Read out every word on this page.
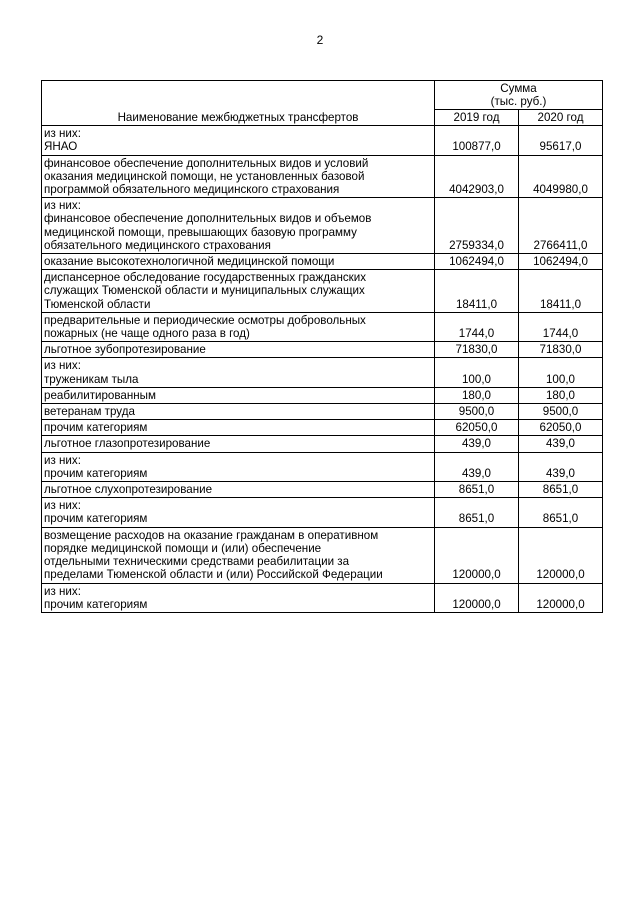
2
Наименование межбюджетных трансфертов	Сумма
(тыс. руб.)	

	2019 год	2020 год

из них:
ЯНАО	100877,0	95617,0

финансовое обеспечение дополнительных видов и условий
оказания медицинской помощи, не установленных базовой
программой обязательного медицинского страхования	4042903,0	4049980,0

из них:
финансовое обеспечение дополнительных видов и объемов
медицинской помощи, превышающих базовую программу
обязательного медицинского страхования	2759334,0	2766411,0

оказание высокотехнологичной медицинской помощи	1062494,0	1062494,0

диспансерное обследование государственных гражданских
служащих Тюменской области и муниципальных служащих
Тюменской области	18411,0	18411,0

предварительные и периодические осмотры добровольных
пожарных (не чаще одного раза в год)	1744,0	1744,0

льготное зубопротезирование	71830,0	71830,0

из них:
труженикам тыла	100,0	100,0

реабилитированным	180,0	180,0

ветеранам труда	9500,0	9500,0

прочим категориям	62050,0	62050,0

льготное глазопротезирование	439,0	439,0

из них:
прочим категориям	439,0	439,0

льготное слухопротезирование	8651,0	8651,0

из них:
прочим категориям	8651,0	8651,0

возмещение расходов на оказание гражданам в оперативном
порядке медицинской помощи и (или) обеспечение
отдельными техническими средствами реабилитации за
пределами Тюменской области и (или) Российской Федерации	120000,0	120000,0

из них:
прочим категориям	120000,0	120000,0
